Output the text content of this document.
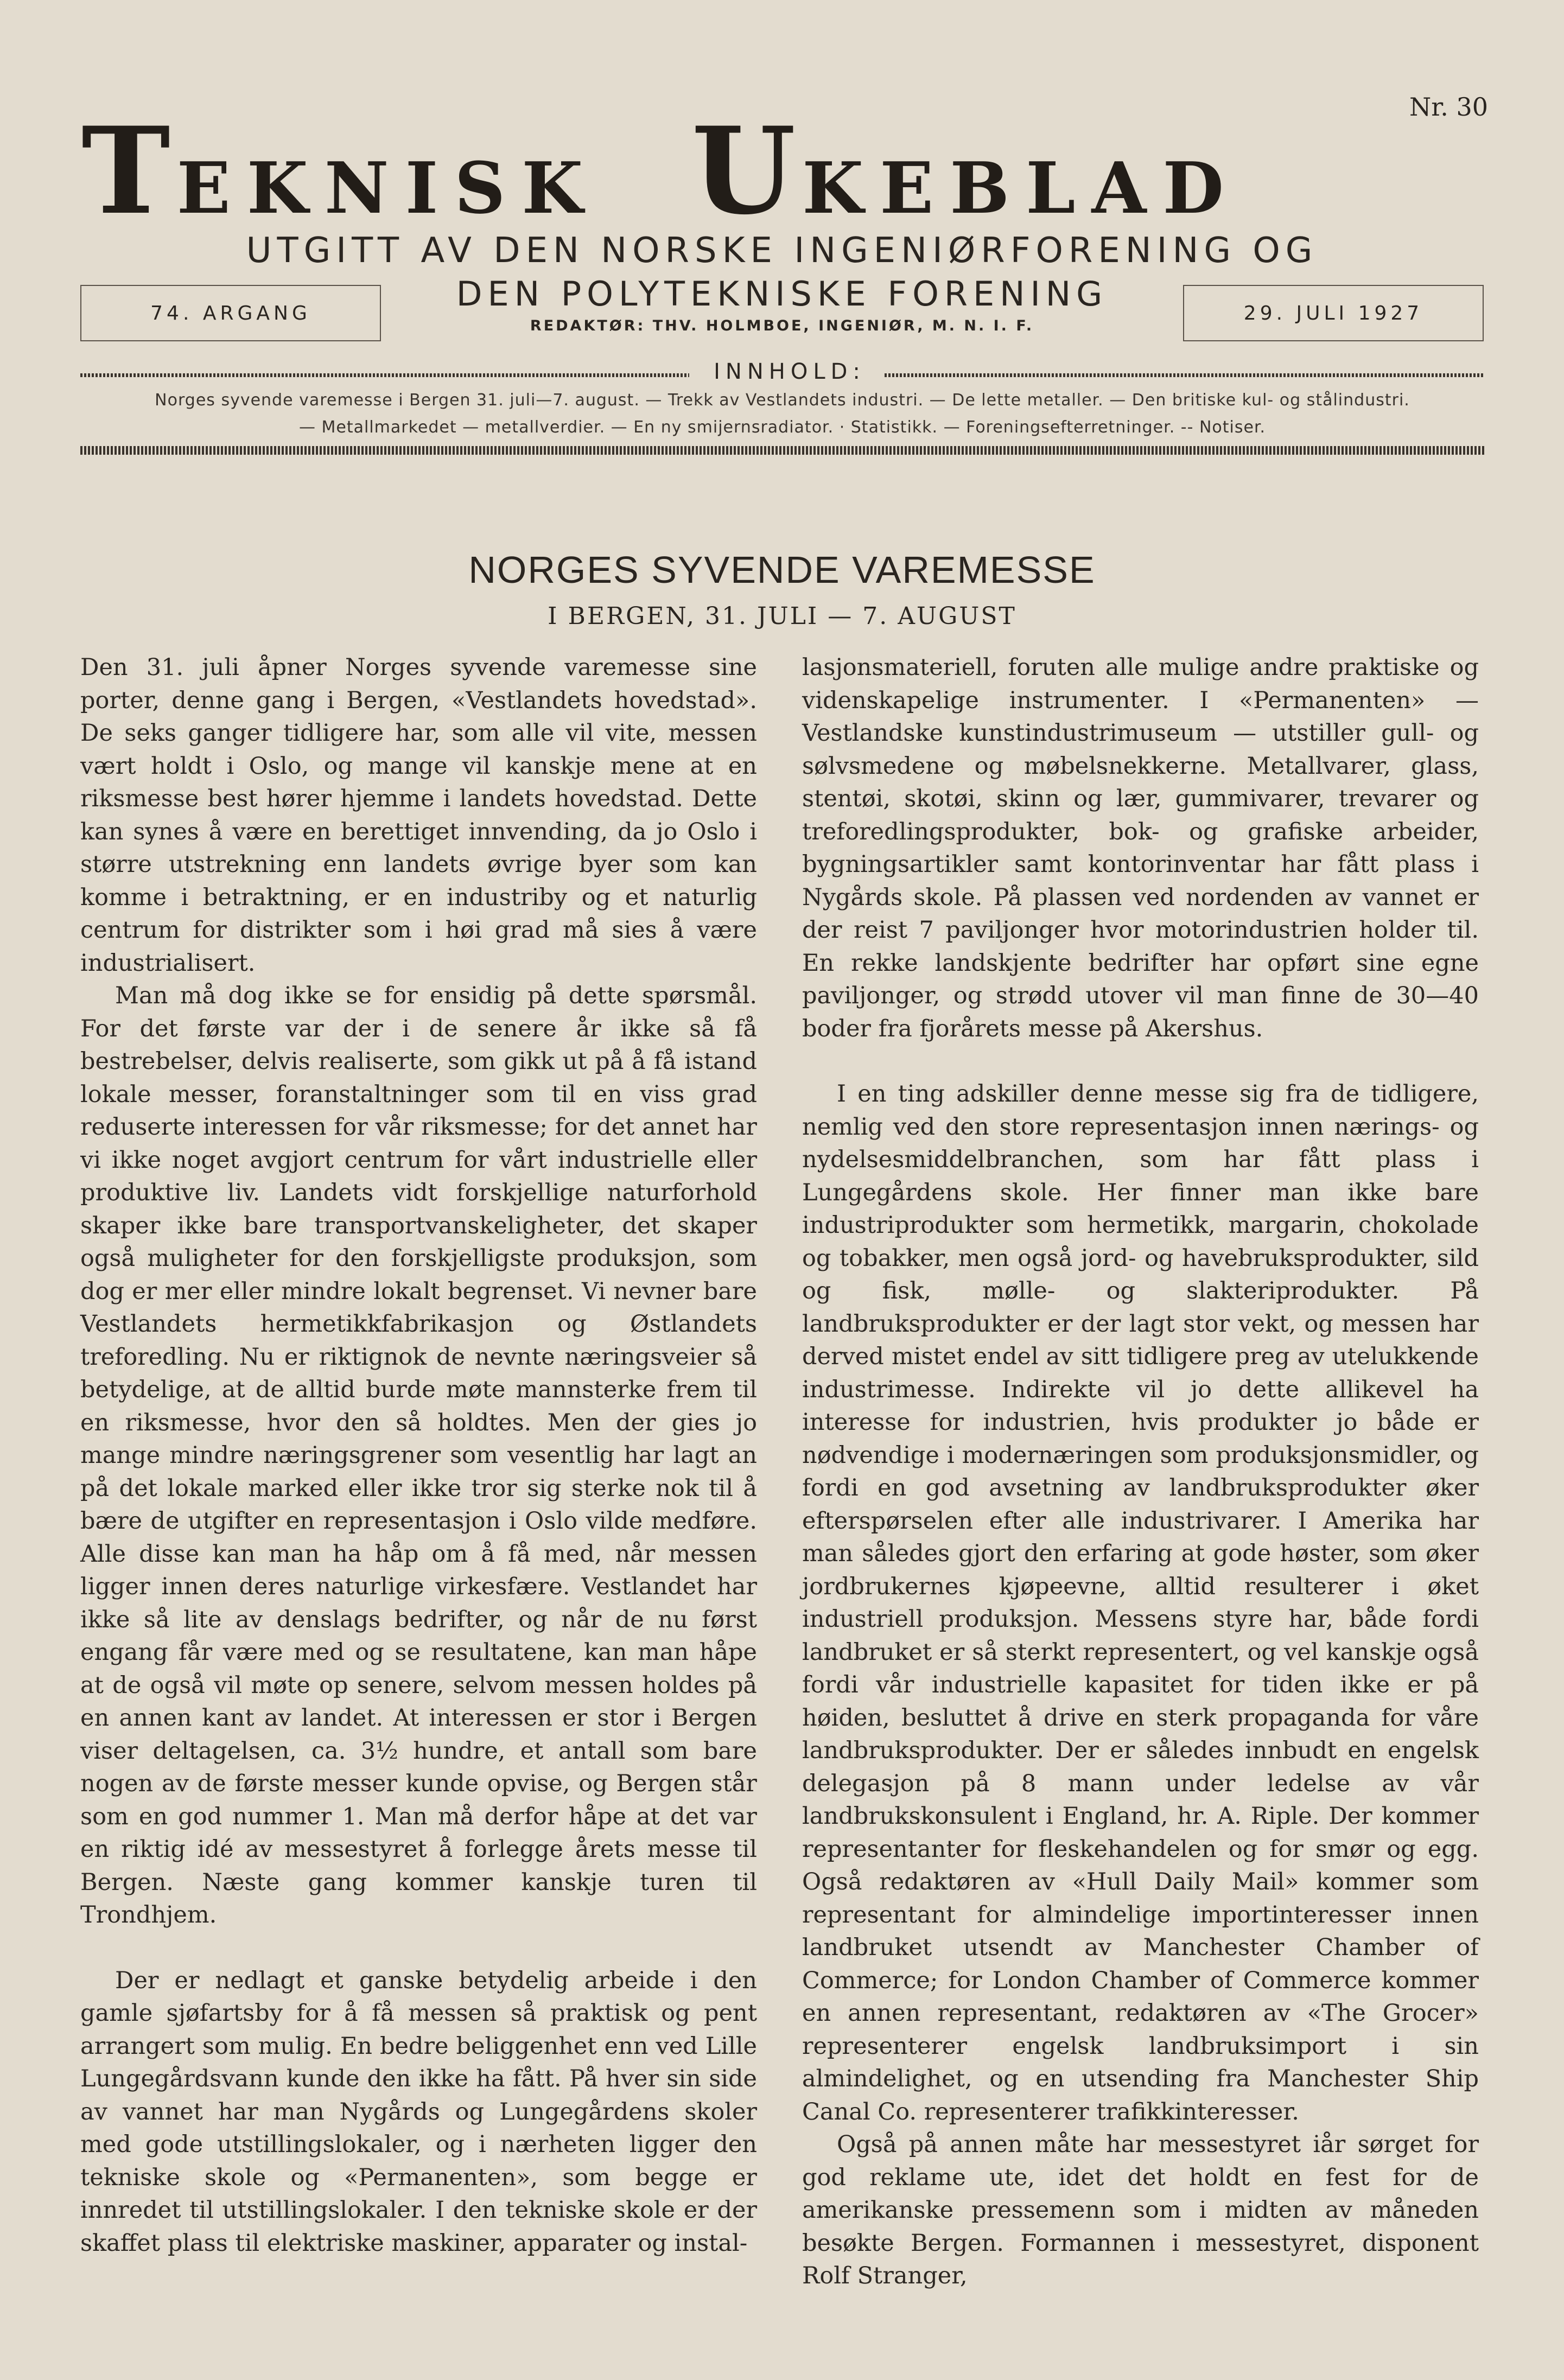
Nr. 30
TEKNISK UKEBLAD
UTGITT AV DEN NORSKE INGENIØRFORENING OG
DEN POLYTEKNISKE FORENING
REDAKTØR: THV. HOLMBOE, INGENIØR, M. N. I. F.
74. ARGANG	29. JULI 1927
INNHOLD:
Norges syvende varemesse i Bergen 31. juli—7. august. — Trekk av Vestlandets industri. — De lette metaller. — Den britiske kul- og stålindustri.
— Metallmarkedet — metallverdier. — En ny smijernsradiator. · Statistikk. — Foreningsefterretninger. -- Notiser.
NORGES SYVENDE VAREMESSE
I BERGEN, 31. JULI — 7. AUGUST

Den 31. juli åpner Norges syvende varemesse sine porter, denne gang i Bergen, «Vestlandets hovedstad». De seks ganger tidligere har, som alle vil vite, messen vært holdt i Oslo, og mange vil kanskje mene at en riksmesse best hører hjemme i landets hovedstad. Dette kan synes å være en berettiget innvending, da jo Oslo i større utstrekning enn landets øvrige byer som kan komme i betraktning, er en industriby og et naturlig centrum for distrikter som i høi grad må sies å være industrialisert.

Man må dog ikke se for ensidig på dette spørsmål. For det første var der i de senere år ikke så få bestrebelser, delvis realiserte, som gikk ut på å få istand lokale messer, foranstaltninger som til en viss grad reduserte interessen for vår riksmesse; for det annet har vi ikke noget avgjort centrum for vårt industrielle eller produktive liv. Landets vidt forskjellige naturforhold skaper ikke bare transportvanskeligheter, det skaper også muligheter for den forskjelligste produksjon, som dog er mer eller mindre lokalt begrenset. Vi nevner bare Vestlandets hermetikkfabrikasjon og Østlandets treforedling. Nu er riktignok de nevnte næringsveier så betydelige, at de alltid burde møte mannsterke frem til en riksmesse, hvor den så holdtes. Men der gies jo mange mindre næringsgrener som vesentlig har lagt an på det lokale marked eller ikke tror sig sterke nok til å bære de utgifter en representasjon i Oslo vilde medføre. Alle disse kan man ha håp om å få med, når messen ligger innen deres naturlige virkesfære. Vestlandet har ikke så lite av denslags bedrifter, og når de nu først engang får være med og se resultatene, kan man håpe at de også vil møte op senere, selvom messen holdes på en annen kant av landet. At interessen er stor i Bergen viser deltagelsen, ca. 3½ hundre, et antall som bare nogen av de første messer kunde opvise, og Bergen står som en god nummer 1. Man må derfor håpe at det var en riktig idé av messestyret å forlegge årets messe til Bergen. Næste gang kommer kanskje turen til Trondhjem.

Der er nedlagt et ganske betydelig arbeide i den gamle sjøfartsby for å få messen så praktisk og pent arrangert som mulig. En bedre beliggenhet enn ved Lille Lungegårdsvann kunde den ikke ha fått. På hver sin side av vannet har man Nygårds og Lungegårdens skoler med gode utstillingslokaler, og i nærheten ligger den tekniske skole og «Permanenten», som begge er innredet til utstillingslokaler. I den tekniske skole er der skaffet plass til elektriske maskiner, apparater og instal-

lasjonsmateriell, foruten alle mulige andre praktiske og videnskapelige instrumenter. I «Permanenten» — Vestlandske kunstindustrimuseum — utstiller gull- og sølvsmedene og møbelsnekkerne. Metallvarer, glass, stentøi, skotøi, skinn og lær, gummivarer, trevarer og treforedlingsprodukter, bok- og grafiske arbeider, bygningsartikler samt kontorinventar har fått plass i Nygårds skole. På plassen ved nordenden av vannet er der reist 7 paviljonger hvor motorindustrien holder til. En rekke landskjente bedrifter har opført sine egne paviljonger, og strødd utover vil man finne de 30—40 boder fra fjorårets messe på Akershus.

I en ting adskiller denne messe sig fra de tidligere, nemlig ved den store representasjon innen nærings- og nydelsesmiddelbranchen, som har fått plass i Lungegårdens skole. Her finner man ikke bare industriprodukter som hermetikk, margarin, chokolade og tobakker, men også jord- og havebruksprodukter, sild og fisk, mølle- og slakteriprodukter. På landbruksprodukter er der lagt stor vekt, og messen har derved mistet endel av sitt tidligere preg av utelukkende industrimesse. Indirekte vil jo dette allikevel ha interesse for industrien, hvis produkter jo både er nødvendige i modernæringen som produksjonsmidler, og fordi en god avsetning av landbruksprodukter øker efterspørselen efter alle industrivarer. I Amerika har man således gjort den erfaring at gode høster, som øker jordbrukernes kjøpeevne, alltid resulterer i øket industriell produksjon. Messens styre har, både fordi landbruket er så sterkt representert, og vel kanskje også fordi vår industrielle kapasitet for tiden ikke er på høiden, besluttet å drive en sterk propaganda for våre landbruksprodukter. Der er således innbudt en engelsk delegasjon på 8 mann under ledelse av vår landbrukskonsulent i England, hr. A. Riple. Der kommer representanter for fleskehandelen og for smør og egg. Også redaktøren av «Hull Daily Mail» kommer som representant for almindelige importinteresser innen landbruket utsendt av Manchester Chamber of Commerce; for London Chamber of Commerce kommer en annen representant, redaktøren av «The Grocer» representerer engelsk landbruksimport i sin almindelighet, og en utsending fra Manchester Ship Canal Co. representerer trafikkinteresser.

Også på annen måte har messestyret iår sørget for god reklame ute, idet det holdt en fest for de amerikanske pressemenn som i midten av måneden besøkte Bergen. Formannen i messestyret, disponent Rolf Stranger,
